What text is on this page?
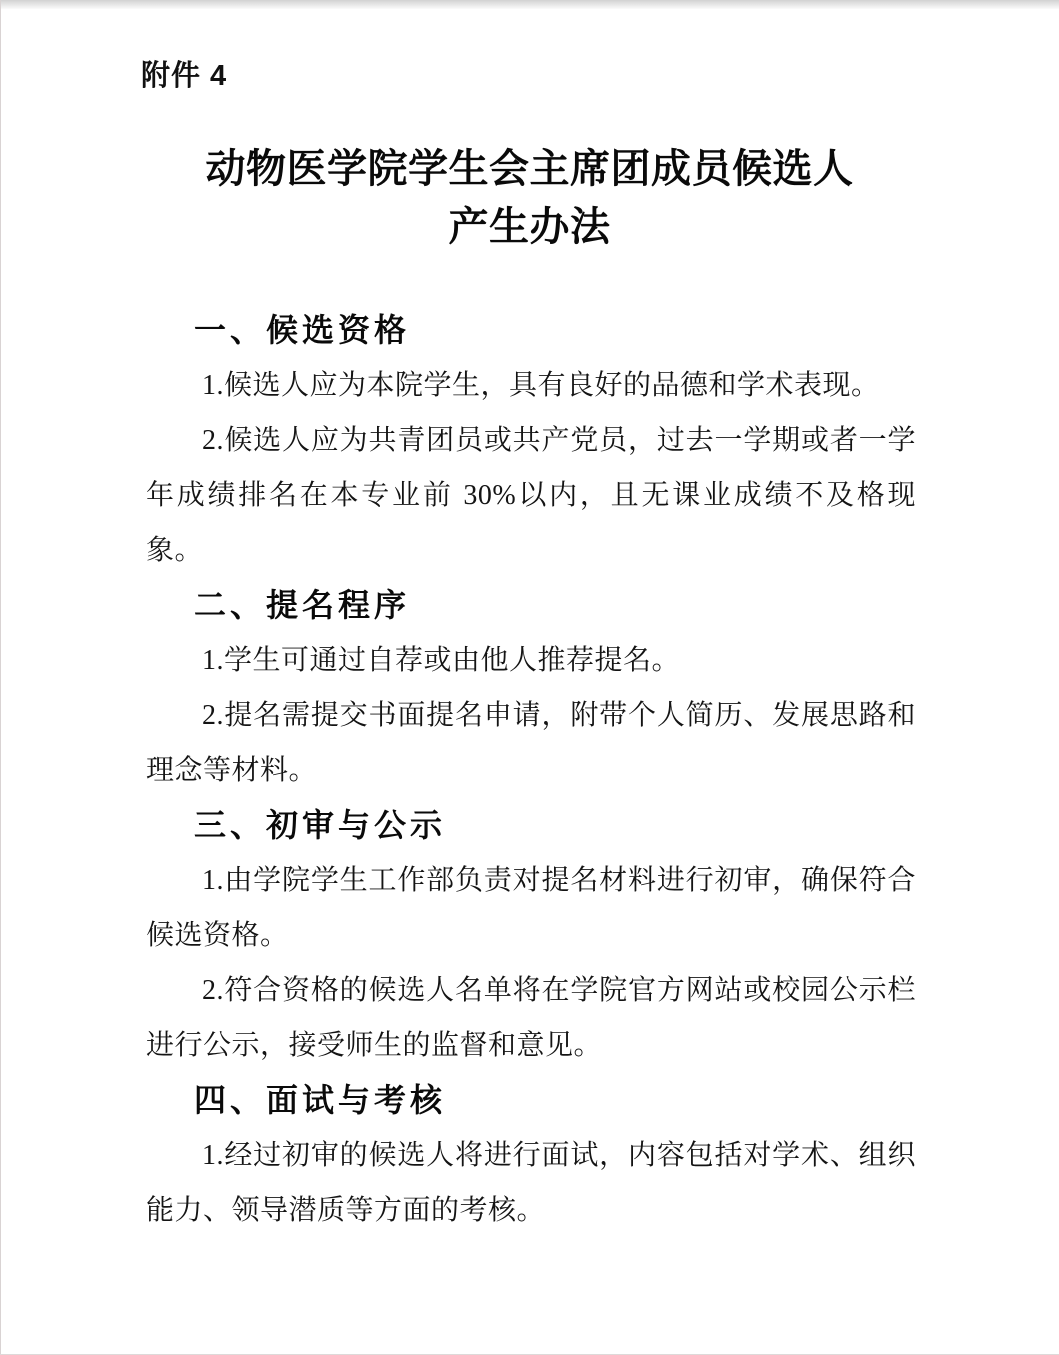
附件 4
动物医学院学生会主席团成员候选人
产生办法

一、候选资格

1.候选人应为本院学生，具有良好的品德和学术表现。

2.候选人应为共青团员或共产党员，过去一学期或者一学年成绩排名在本专业前 30%以内，且无课业成绩不及格现象。

二、提名程序

1.学生可通过自荐或由他人推荐提名。

2.提名需提交书面提名申请，附带个人简历、发展思路和理念等材料。

三、初审与公示

1.由学院学生工作部负责对提名材料进行初审，确保符合候选资格。

2.符合资格的候选人名单将在学院官方网站或校园公示栏进行公示，接受师生的监督和意见。

四、面试与考核

1.经过初审的候选人将进行面试，内容包括对学术、组织能力、领导潜质等方面的考核。
